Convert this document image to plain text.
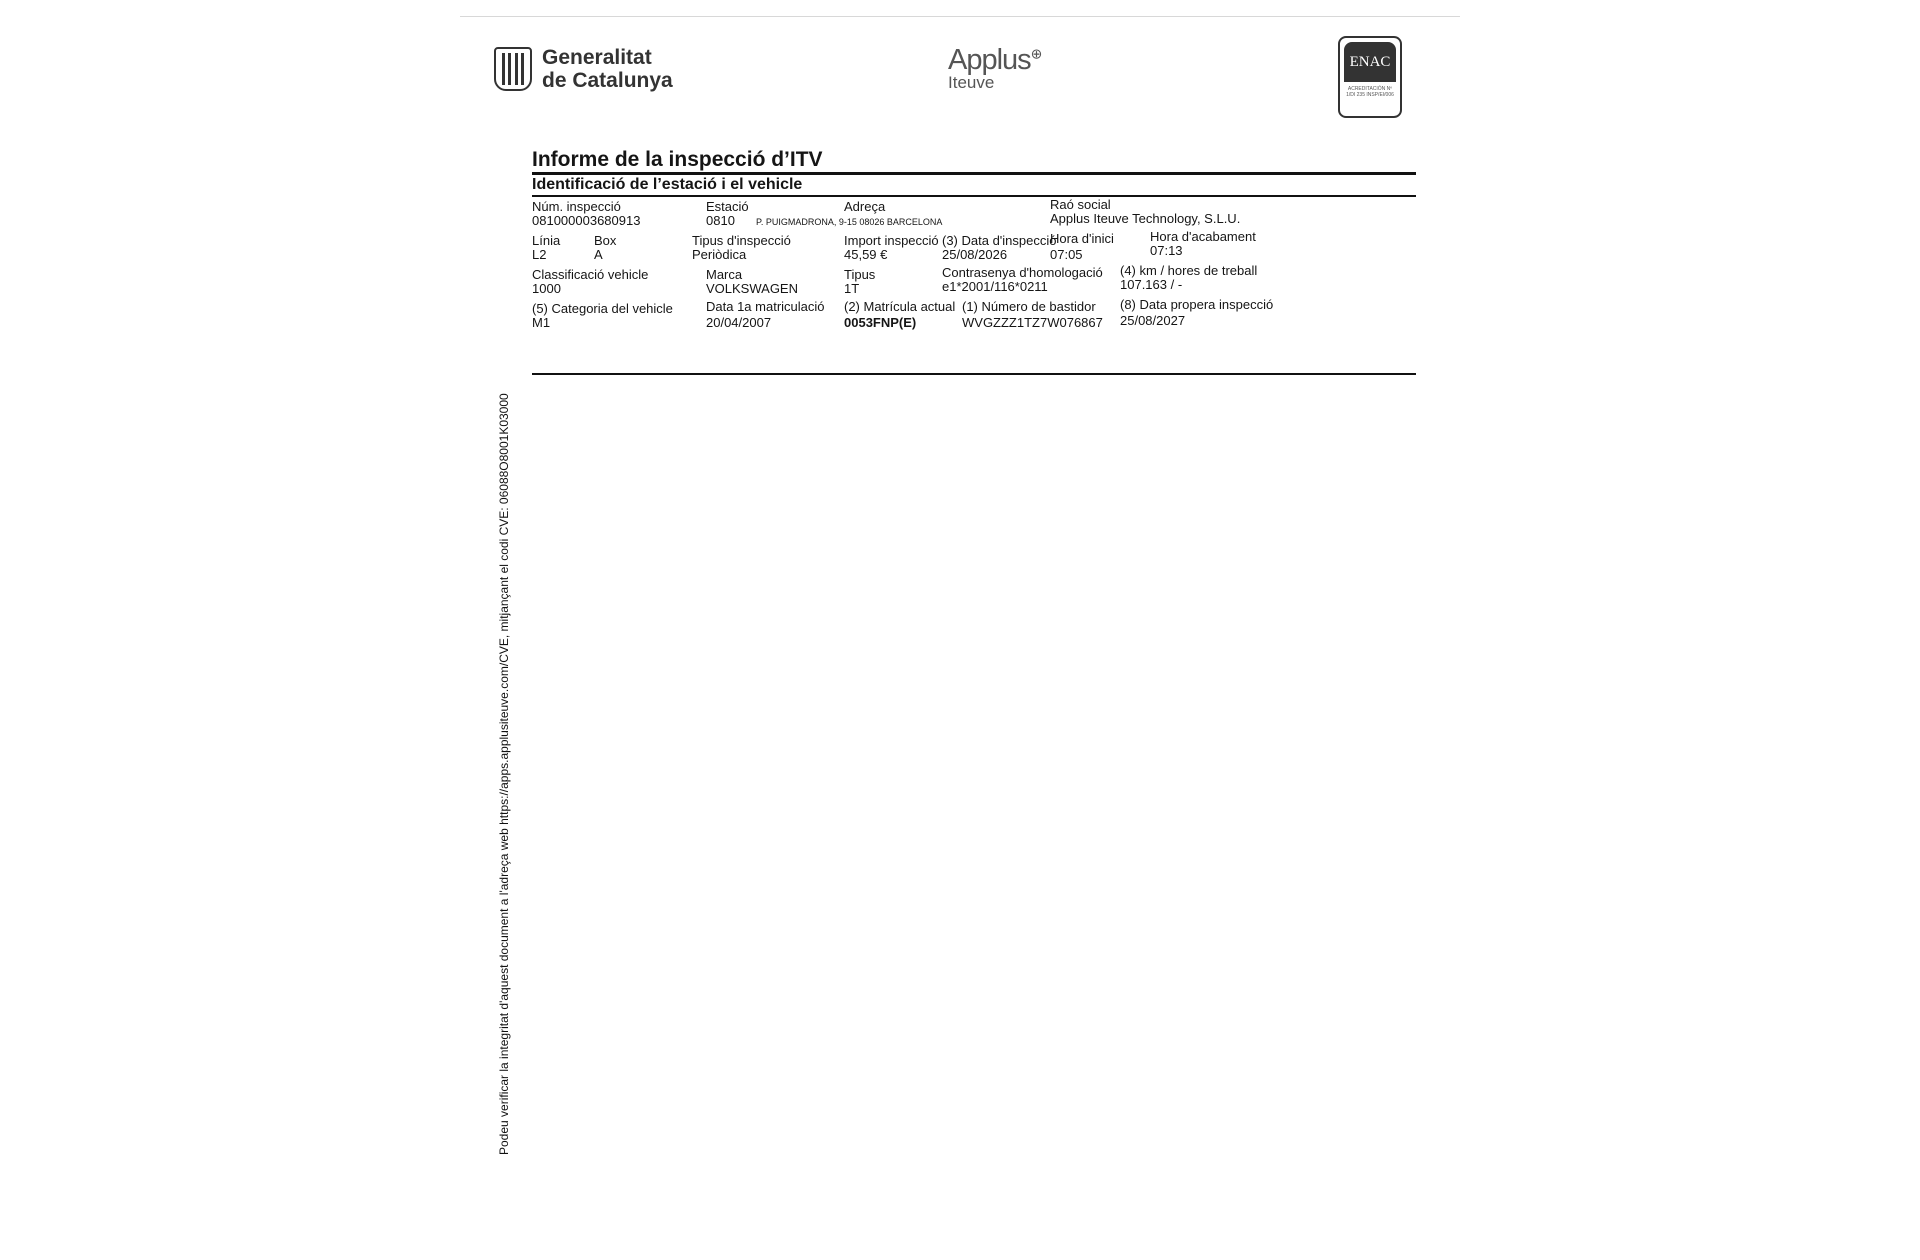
Podeu verificar la integritat d'aquest document a l'adreça web https://apps.applusiteuve.com/CVE, mitjançant el codi CVE: 06088O8001K03000
Generalitat
de Catalunya
Applus⊕
Iteuve
ENAC
ACREDITACIÓN Nº 1/DI 235 INSP/EI/006
Informe de la inspecció d’ITV
Identificació de l’estació i el vehicle
Núm. inspecció
081000003680913
Estació
0810
Adreça
P. PUIGMADRONA, 9-15 08026 BARCELONA
Raó social
Applus Iteuve Technology, S.L.U.
Línia
L2
Box
A
Tipus d'inspecció
Periòdica
Import inspecció
45,59 €
(3) Data d'inspecció
25/08/2026
Hora d'inici
07:05
Hora d'acabament
07:13
Classificació vehicle
1000
Marca
VOLKSWAGEN
Tipus
1T
Contrasenya d'homologació
e1*2001/116*0211
(4) km / hores de treball
107.163 / -
(5) Categoria del vehicle
M1
Data 1a matriculació
20/04/2007
(2) Matrícula actual
0053FNP(E)
(1) Número de bastidor
WVGZZZ1TZ7W076867
(8) Data propera inspecció
25/08/2027
